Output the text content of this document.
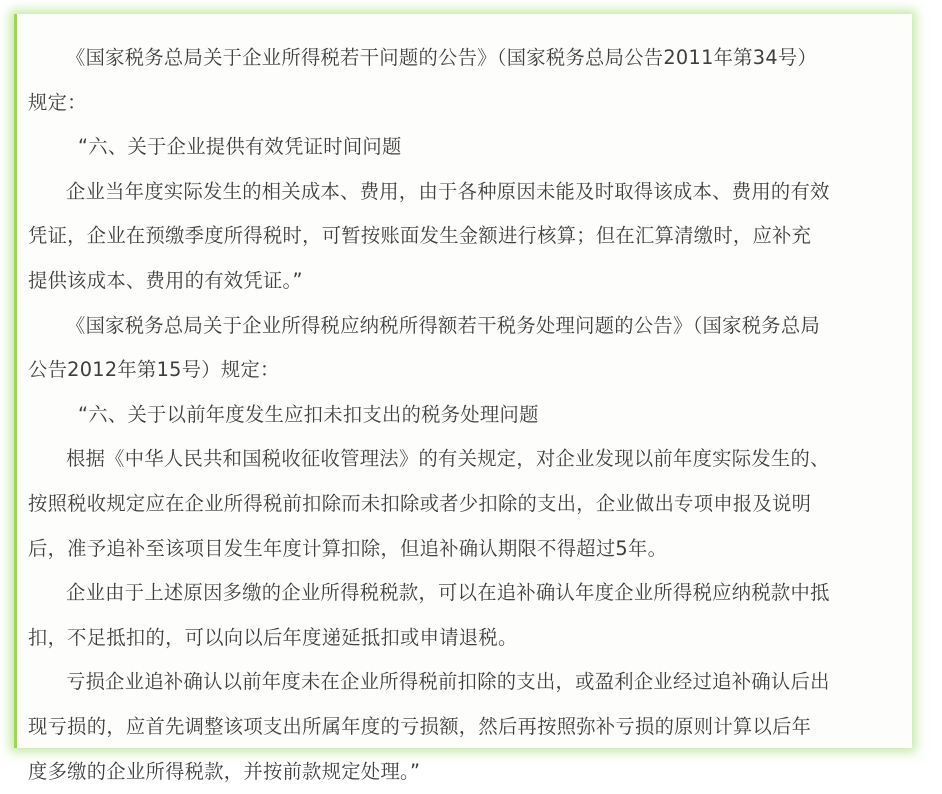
《国家税务总局关于企业所得税若干问题的公告》（国家税务总局公告2011年第34号）
规定：
“六、关于企业提供有效凭证时间问题
企业当年度实际发生的相关成本、费用，由于各种原因未能及时取得该成本、费用的有效
凭证，企业在预缴季度所得税时，可暂按账面发生金额进行核算；但在汇算清缴时，应补充
提供该成本、费用的有效凭证。”
《国家税务总局关于企业所得税应纳税所得额若干税务处理问题的公告》（国家税务总局
公告2012年第15号）规定：
“六、关于以前年度发生应扣未扣支出的税务处理问题
根据《中华人民共和国税收征收管理法》的有关规定，对企业发现以前年度实际发生的、
按照税收规定应在企业所得税前扣除而未扣除或者少扣除的支出，企业做出专项申报及说明
后，准予追补至该项目发生年度计算扣除，但追补确认期限不得超过5年。
企业由于上述原因多缴的企业所得税税款，可以在追补确认年度企业所得税应纳税款中抵
扣，不足抵扣的，可以向以后年度递延抵扣或申请退税。
亏损企业追补确认以前年度未在企业所得税前扣除的支出，或盈利企业经过追补确认后出
现亏损的，应首先调整该项支出所属年度的亏损额，然后再按照弥补亏损的原则计算以后年
度多缴的企业所得税款，并按前款规定处理。”
